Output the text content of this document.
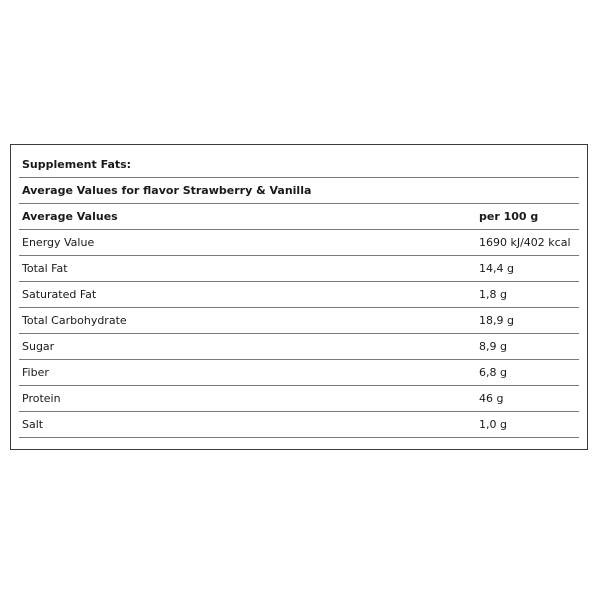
Supplement Fats:
Average Values for flavor Strawberry & Vanilla
Average Values	per 100 g
Energy Value	1690 kJ/402 kcal
Total Fat	14,4 g
Saturated Fat	1,8 g
Total Carbohydrate	18,9 g
Sugar	8,9 g
Fiber	6,8 g
Protein	46 g
Salt	1,0 g
